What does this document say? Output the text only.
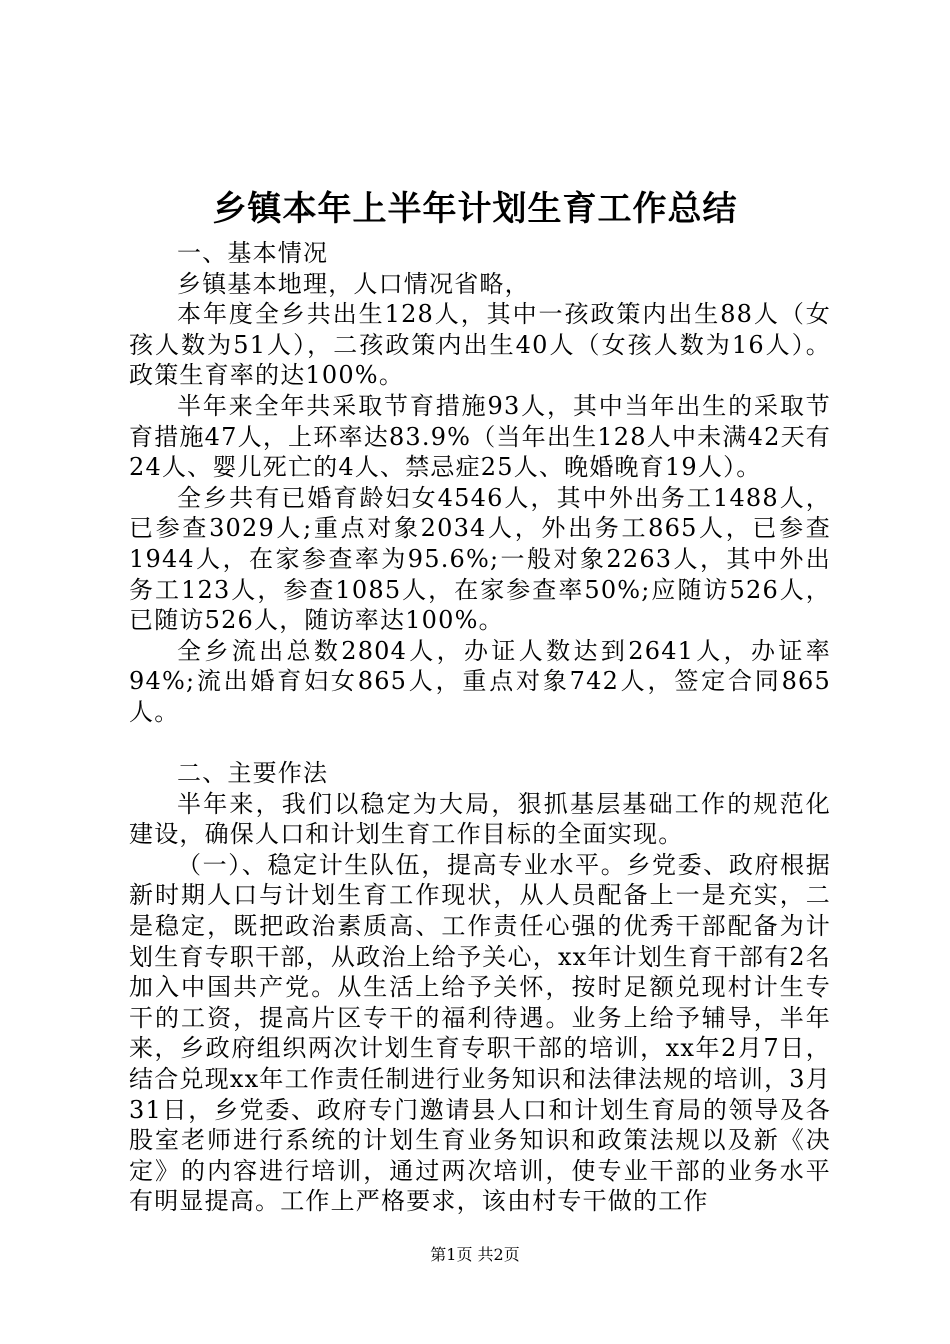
乡镇本年上半年计划生育工作总结

一、基本情况

乡镇基本地理，人口情况省略，

本年度全乡共出生128人，其中一孩政策内出生88人（女孩人数为51人），二孩政策内出生40人（女孩人数为16人）。政策生育率的达100%。

半年来全年共采取节育措施93人，其中当年出生的采取节育措施47人，上环率达83.9%（当年出生128人中未满42天有24人、婴儿死亡的4人、禁忌症25人、晚婚晚育19人）。

全乡共有已婚育龄妇女4546人，其中外出务工1488人，已参查3029人;重点对象2034人，外出务工865人，已参查1944人，在家参查率为95.6%;一般对象2263人，其中外出务工123人，参查1085人，在家参查率50%;应随访526人，已随访526人，随访率达100%。

全乡流出总数2804人，办证人数达到2641人，办证率94%;流出婚育妇女865人，重点对象742人，签定合同865人。

二、主要作法

半年来，我们以稳定为大局，狠抓基层基础工作的规范化建设，确保人口和计划生育工作目标的全面实现。

（一）、稳定计生队伍，提高专业水平。乡党委、政府根据新时期人口与计划生育工作现状，从人员配备上一是充实，二是稳定，既把政治素质高、工作责任心强的优秀干部配备为计划生育专职干部，从政治上给予关心，xx年计划生育干部有2名加入中国共产党。从生活上给予关怀，按时足额兑现村计生专干的工资，提高片区专干的福利待遇。业务上给予辅导，半年来，乡政府组织两次计划生育专职干部的培训，xx年2月7日，结合兑现xx年工作责任制进行业务知识和法律法规的培训，3月31日，乡党委、政府专门邀请县人口和计划生育局的领导及各股室老师进行系统的计划生育业务知识和政策法规以及新《决定》的内容进行培训，通过两次培训，使专业干部的业务水平有明显提高。工作上严格要求，该由村专干做的工作

第1页 共2页
